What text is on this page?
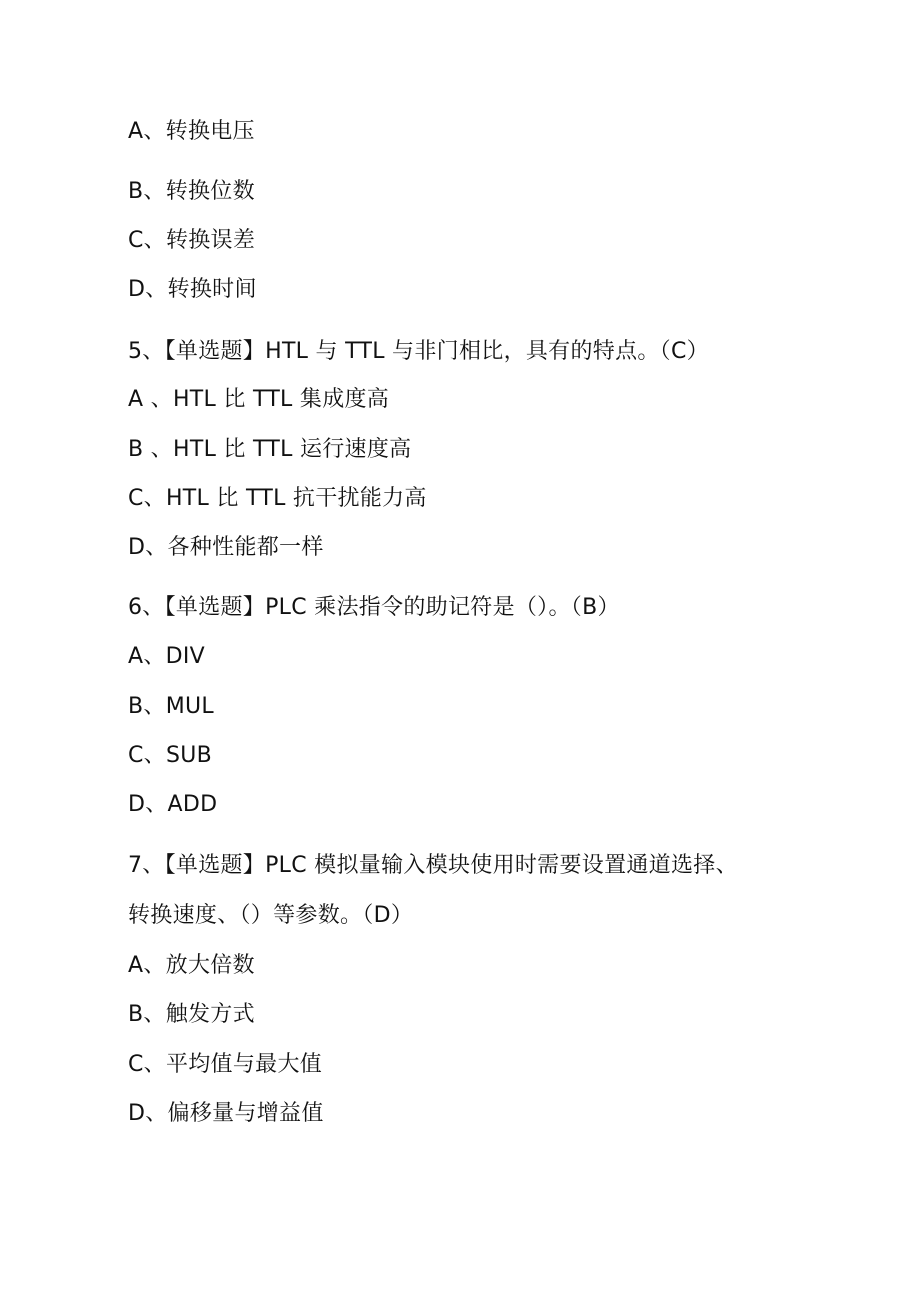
A、转换电压
B、转换位数
C、转换误差
D、转换时间
5、【单选题】HTL 与 TTL 与非门相比，具有的特点。（C）
A 、HTL 比 TTL 集成度高
B 、HTL 比 TTL 运行速度高
C、HTL 比 TTL 抗干扰能力高
D、各种性能都一样
6、【单选题】PLC 乘法指令的助记符是（）。（B）
A、DIV
B、MUL
C、SUB
D、ADD
7、【单选题】PLC 模拟量输入模块使用时需要设置通道选择、
转换速度、（）等参数。（D）
A、放大倍数
B、触发方式
C、平均值与最大值
D、偏移量与增益值
